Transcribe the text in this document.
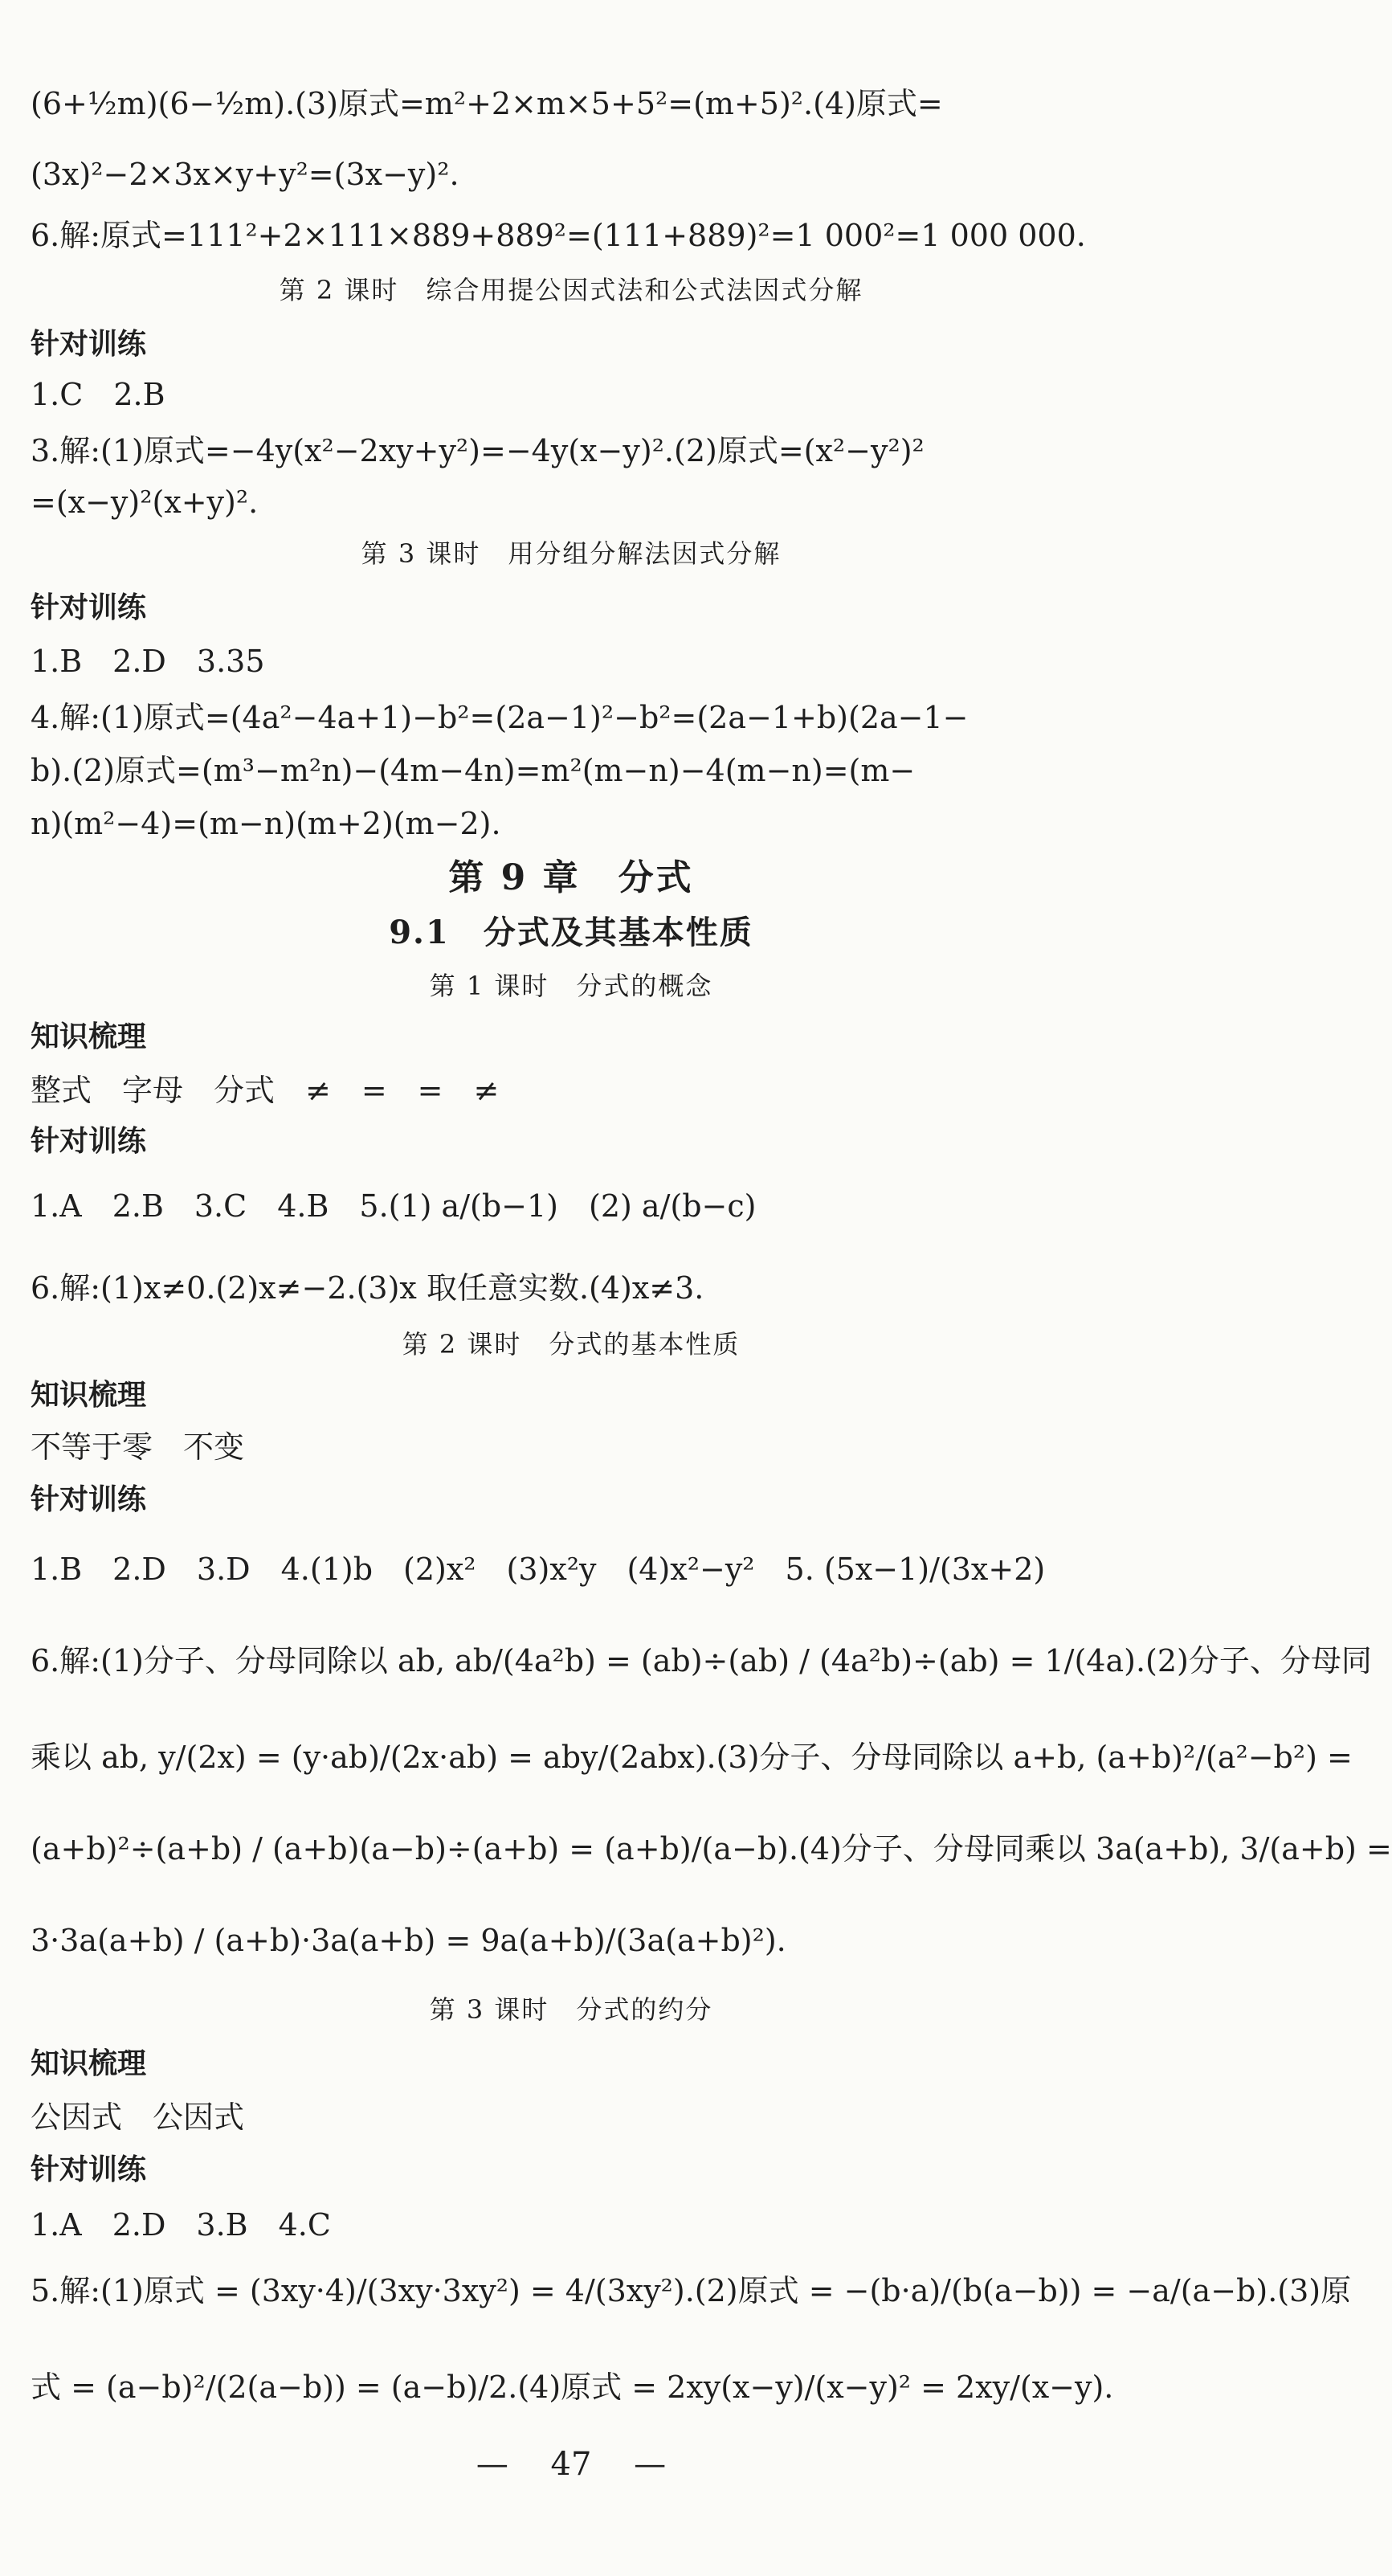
(6+½m)(6−½m).(3)原式=m²+2×m×5+5²=(m+5)².(4)原式=
(3x)²−2×3x×y+y²=(3x−y)².
6.解:原式=111²+2×111×889+889²=(111+889)²=1 000²=1 000 000.
第 2 课时　综合用提公因式法和公式法因式分解
针对训练
1.C 2.B
3.解:(1)原式=−4y(x²−2xy+y²)=−4y(x−y)².(2)原式=(x²−y²)²
=(x−y)²(x+y)².
第 3 课时　用分组分解法因式分解
针对训练
1.B 2.D 3.35
4.解:(1)原式=(4a²−4a+1)−b²=(2a−1)²−b²=(2a−1+b)(2a−1−
b).(2)原式=(m³−m²n)−(4m−4n)=m²(m−n)−4(m−n)=(m−
n)(m²−4)=(m−n)(m+2)(m−2).
第 9 章　分式
9.1　分式及其基本性质
第 1 课时　分式的概念
知识梳理
整式　字母　分式　≠　=　=　≠
针对训练
1.A 2.B 3.C 4.B 5.(1) a/(b−1)　(2) a/(b−c)
6.解:(1)x≠0.(2)x≠−2.(3)x 取任意实数.(4)x≠3.
第 2 课时　分式的基本性质
知识梳理
不等于零　不变
针对训练
1.B 2.D 3.D 4.(1)b　(2)x²　(3)x²y　(4)x²−y² 5. (5x−1)/(3x+2)
6.解:(1)分子、分母同除以 ab, ab/(4a²b) = (ab)÷(ab) / (4a²b)÷(ab) = 1/(4a).(2)分子、分母同
乘以 ab, y/(2x) = (y·ab)/(2x·ab) = aby/(2abx).(3)分子、分母同除以 a+b, (a+b)²/(a²−b²) =
(a+b)²÷(a+b) / (a+b)(a−b)÷(a+b) = (a+b)/(a−b).(4)分子、分母同乘以 3a(a+b), 3/(a+b) =
3·3a(a+b) / (a+b)·3a(a+b) = 9a(a+b)/(3a(a+b)²).
第 3 课时　分式的约分
知识梳理
公因式　公因式
针对训练
1.A 2.D 3.B 4.C
5.解:(1)原式 = (3xy·4)/(3xy·3xy²) = 4/(3xy²).(2)原式 = −(b·a)/(b(a−b)) = −a/(a−b).(3)原
式 = (a−b)²/(2(a−b)) = (a−b)/2.(4)原式 = 2xy(x−y)/(x−y)² = 2xy/(x−y).
—　 47 　—
